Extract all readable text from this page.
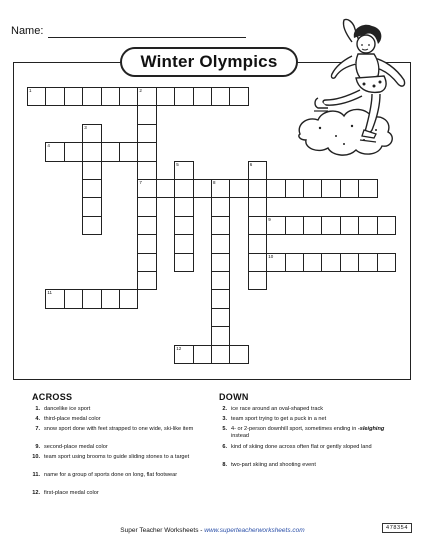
Name:
Winter Olympics
1	2
7
3
4
5	6
8
9
10
11
12
ACROSS	DOWN
1. dancelike ice sport
4. third-place medal color
7. snow sport done with feet strapped to one wide, ski-like item
9. second-place medal color
10. team sport using brooms to guide sliding stones to a target
11. name for a group of sports done on long, flat footwear
12. first-place medal color
2. ice race around an oval-shaped track
3. team sport trying to get a puck in a net
5. 4- or 2-person downhill sport, sometimes ending in -sleighing instead
6. kind of skiing done across often flat or gently sloped land
8. two-part skiing and shooting event
Super Teacher Worksheets - www.superteacherworksheets.com	478354
